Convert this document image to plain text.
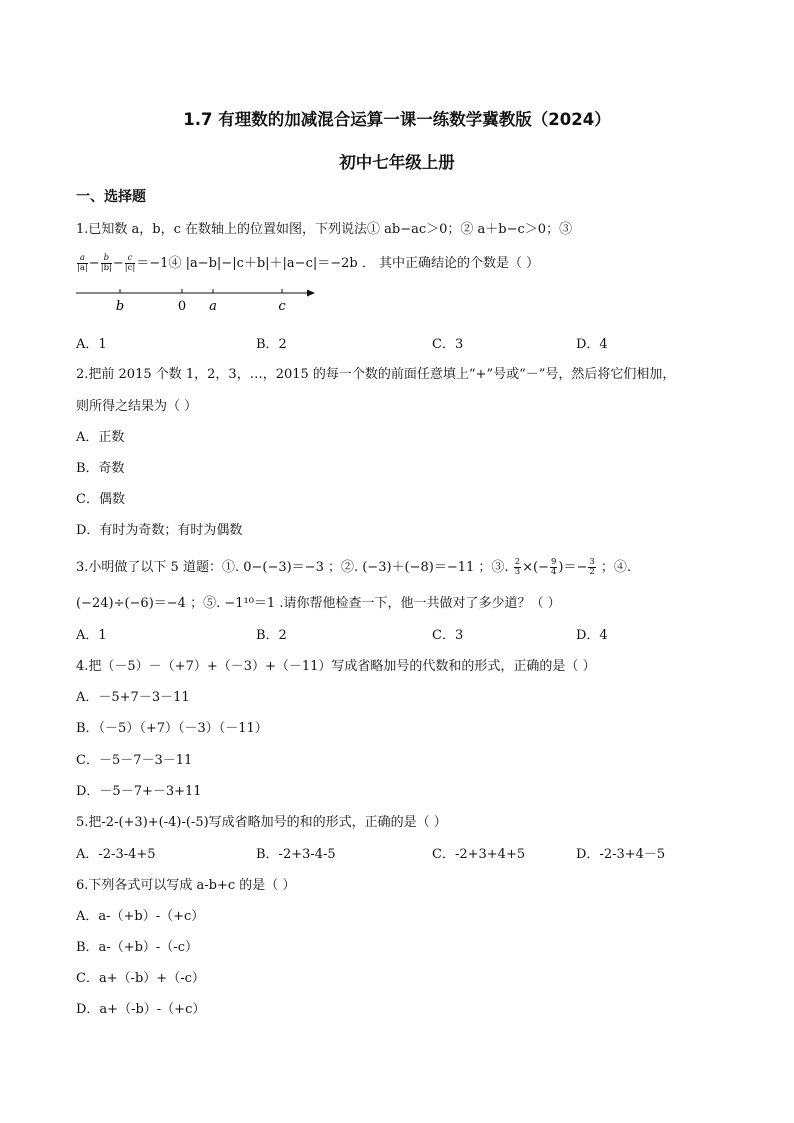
1.7 有理数的加减混合运算一课一练数学冀教版（2024）
初中七年级上册
一、选择题
1.已知数 a，b，c 在数轴上的位置如图，下列说法① ab−ac＞0；② a＋b−c＞0；③
$\frac{a}{|a|} - \frac{b}{|b|} - \frac{c}{|c|}$ ＝−1④ |a−b|−|c＋b|＋|a−c|＝−2b ． 其中正确结论的个数是（ ）
b	0 a	c
A．1	B．2	C．3	D．4
2.把前 2015 个数 1，2，3，…，2015 的每一个数的前面任意填上“+”号或“－”号，然后将它们相加，
则所得之结果为（ ）
A．正数
B．奇数
C．偶数
D．有时为奇数；有时为偶数
3.小明做了以下 5 道题：①. 0−(−3)＝−3 ；②. (−3)＋(−8)＝−11 ；③. $\frac{2}{3}$ ×(− $\frac{9}{4}$ )＝− $\frac{3}{2}$ ；④.
(−24)÷(−6)＝−4 ；⑤. −1¹⁰＝1 .请你帮他检查一下，他一共做对了多少道？（ ）
A．1	B．2	C．3	D．4
4.把（－5）－（+7）+（－3）+（－11）写成省略加号的代数和的形式，正确的是（ ）
A．－5+7－3－11
B．（－5）（+7）（－3）（－11）
C．－5－7－3－11
D．－5－7+－3+11
5.把-2-(+3)+(-4)-(-5)写成省略加号的和的形式，正确的是（ ）
A．-2-3-4+5	B．-2+3-4-5	C．-2+3+4+5	D．-2-3+4－5
6.下列各式可以写成 a-b+c 的是（ ）
A．a-（+b）-（+c）
B．a-（+b）-（-c）
C．a+（-b）+（-c）
D．a+（-b）-（+c）
